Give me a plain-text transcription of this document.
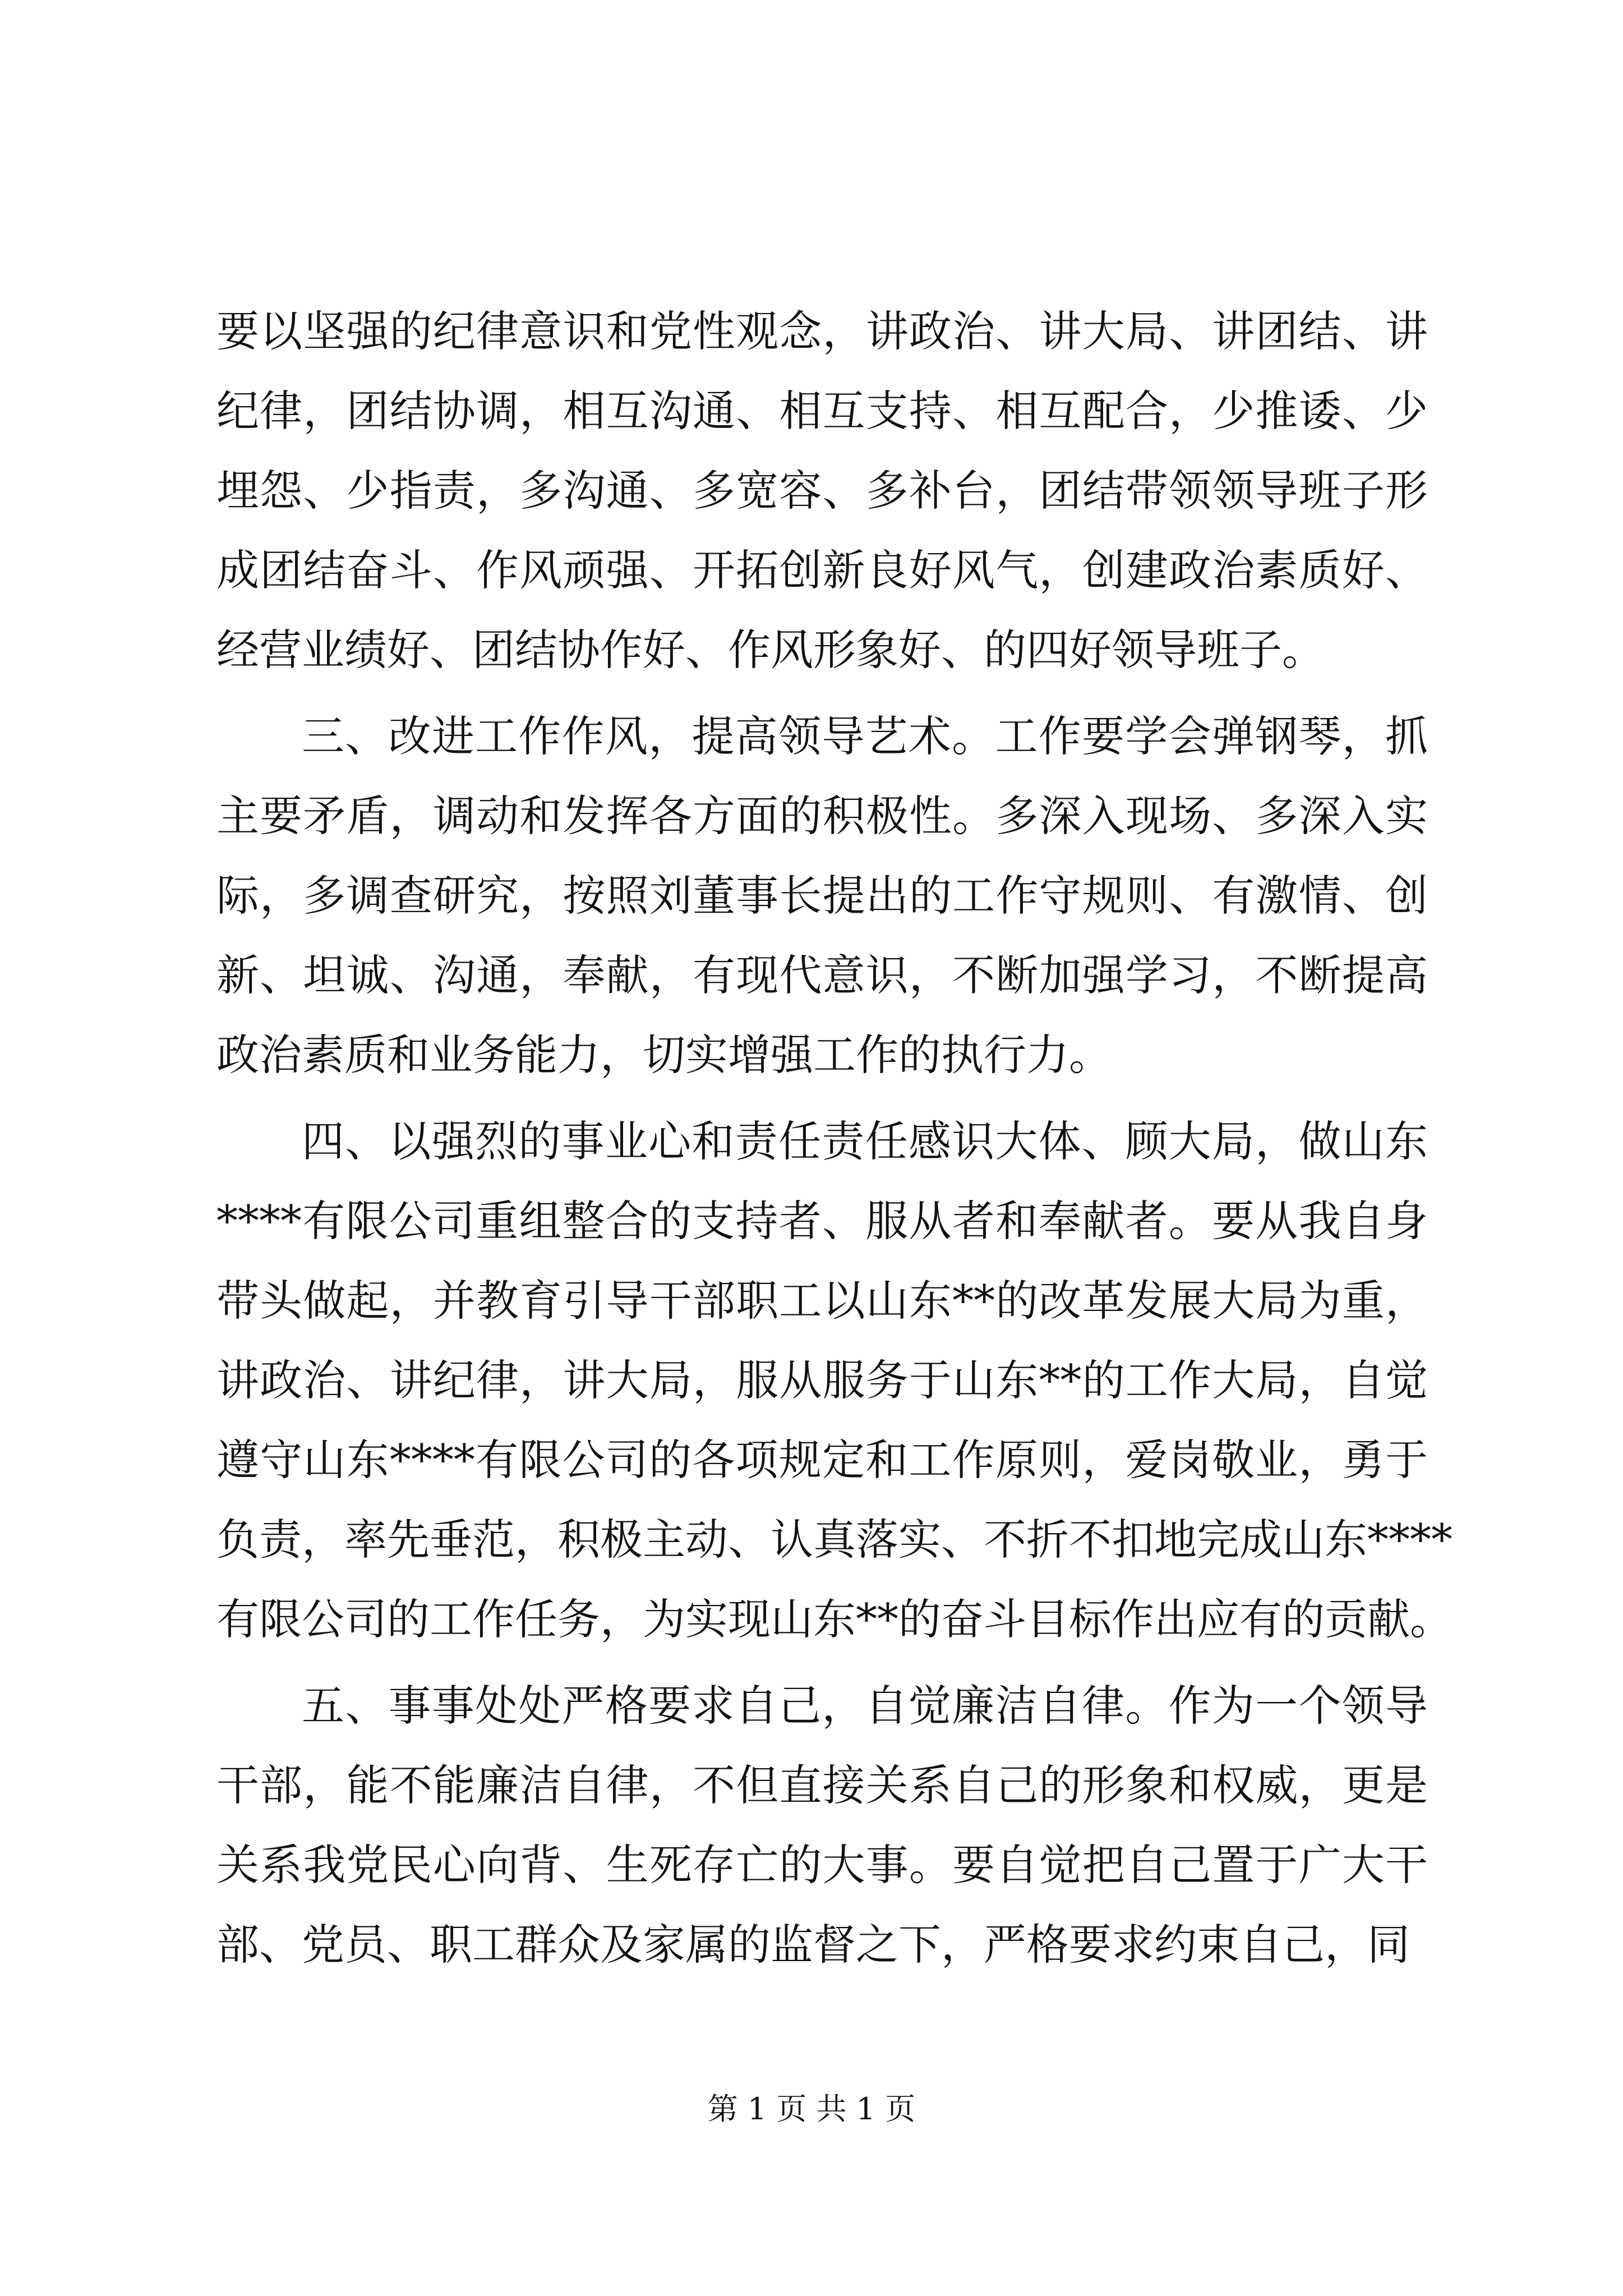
要以坚强的纪律意识和党性观念，讲政治、讲大局、讲团结、讲
纪律，团结协调，相互沟通、相互支持、相互配合，少推诿、少
埋怨、少指责，多沟通、多宽容、多补台，团结带领领导班子形
成团结奋斗、作风顽强、开拓创新良好风气，创建政治素质好、
经营业绩好、团结协作好、作风形象好、的四好领导班子。
三、改进工作作风，提高领导艺术。工作要学会弹钢琴，抓
主要矛盾，调动和发挥各方面的积极性。多深入现场、多深入实
际，多调查研究，按照刘董事长提出的工作守规则、有激情、创
新、坦诚、沟通，奉献，有现代意识，不断加强学习，不断提高
政治素质和业务能力，切实增强工作的执行力。
四、以强烈的事业心和责任责任感识大体、顾大局，做山东
****有限公司重组整合的支持者、服从者和奉献者。要从我自身
带头做起，并教育引导干部职工以山东**的改革发展大局为重，
讲政治、讲纪律，讲大局，服从服务于山东**的工作大局，自觉
遵守山东****有限公司的各项规定和工作原则，爱岗敬业，勇于
负责，率先垂范，积极主动、认真落实、不折不扣地完成山东****
有限公司的工作任务，为实现山东**的奋斗目标作出应有的贡献。
五、事事处处严格要求自己，自觉廉洁自律。作为一个领导
干部，能不能廉洁自律，不但直接关系自己的形象和权威，更是
关系我党民心向背、生死存亡的大事。要自觉把自己置于广大干
部、党员、职工群众及家属的监督之下，严格要求约束自己，同
第 1 页 共 1 页
